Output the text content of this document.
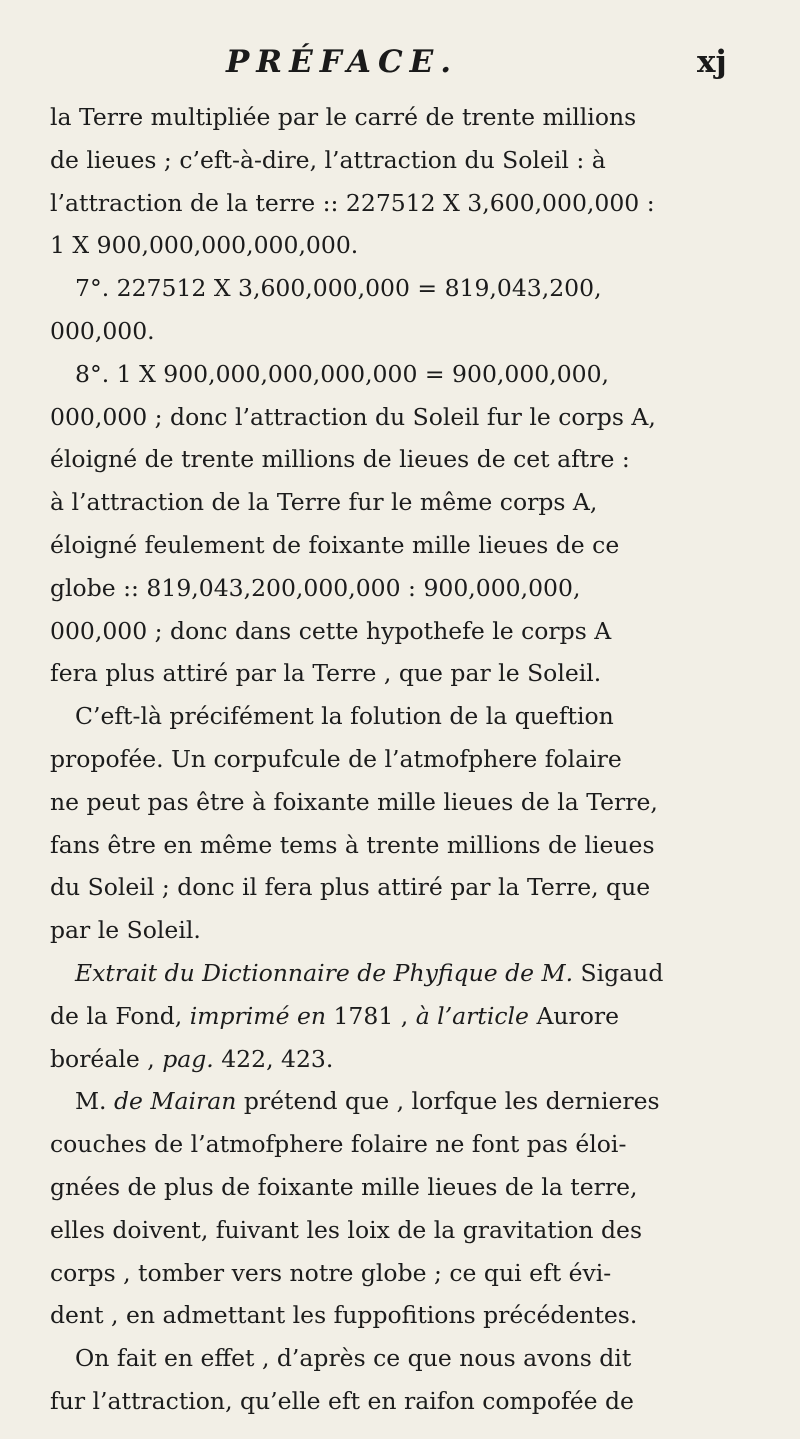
PRÉFACE.	xj
la Terre multipliée par le carré de trente millions
de lieues ; c’eft-à-dire, l’attraction du Soleil : à
l’attraction de la terre :: 227512 X 3,600,000,000 :
1 X 900,000,000,000,000.
7°. 227512 X 3,600,000,000 = 819,043,200,
000,000.
8°. 1 X 900,000,000,000,000 = 900,000,000,
000,000 ; donc l’attraction du Soleil fur le corps A,
éloigné de trente millions de lieues de cet aftre :
à l’attraction de la Terre fur le même corps A,
éloigné feulement de foixante mille lieues de ce
globe :: 819,043,200,000,000 : 900,000,000,
000,000 ; donc dans cette hypothefe le corps A
fera plus attiré par la Terre , que par le Soleil.
C’eft-là précifément la folution de la queftion
propofée. Un corpufcule de l’atmofphere folaire
ne peut pas être à foixante mille lieues de la Terre,
fans être en même tems à trente millions de lieues
du Soleil ; donc il fera plus attiré par la Terre, que
par le Soleil.
Extrait du Dictionnaire de Phyfique de M. Sigaud
de la Fond, imprimé en 1781 , à l’article Aurore
boréale , pag. 422, 423.
M. de Mairan prétend que , lorfque les dernieres
couches de l’atmofphere folaire ne font pas éloi-
gnées de plus de foixante mille lieues de la terre,
elles doivent, fuivant les loix de la gravitation des
corps , tomber vers notre globe ; ce qui eft évi-
dent , en admettant les fuppofitions précédentes.
On fait en effet , d’après ce que nous avons dit
fur l’attraction, qu’elle eft en raifon compofée de
